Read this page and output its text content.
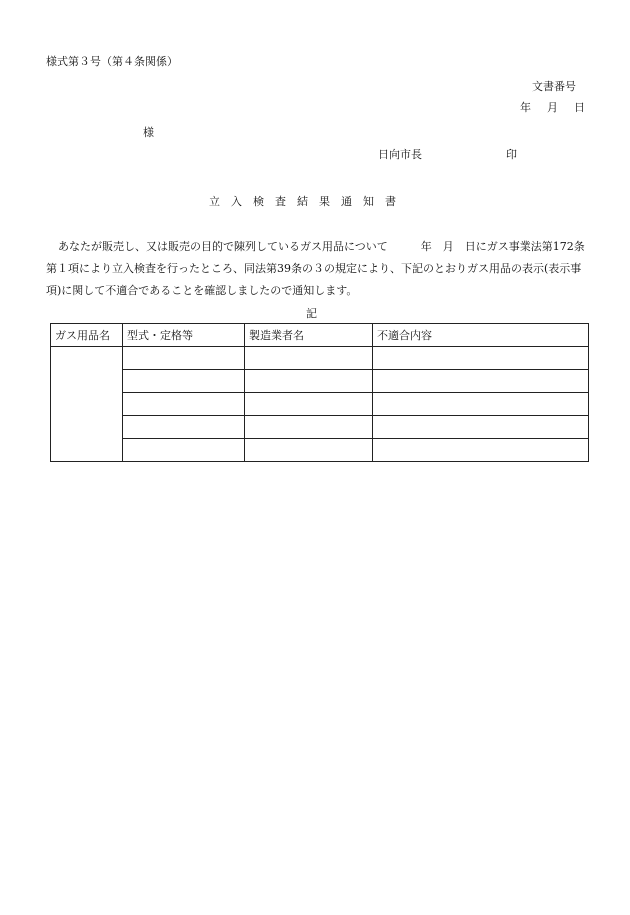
様式第３号（第４条関係）
文書番号
年 月 日
様
日向市長	印
立入検査結果通知書
あなたが販売し、又は販売の目的で陳列しているガス用品について　　　年　月　日にガス事業法第172条第１項により立入検査を行ったところ、同法第39条の３の規定により、下記のとおりガス用品の表示(表示事項)に関して不適合であることを確認しましたので通知します。
記
ガス用品名	型式・定格等	製造業者名	不適合内容
